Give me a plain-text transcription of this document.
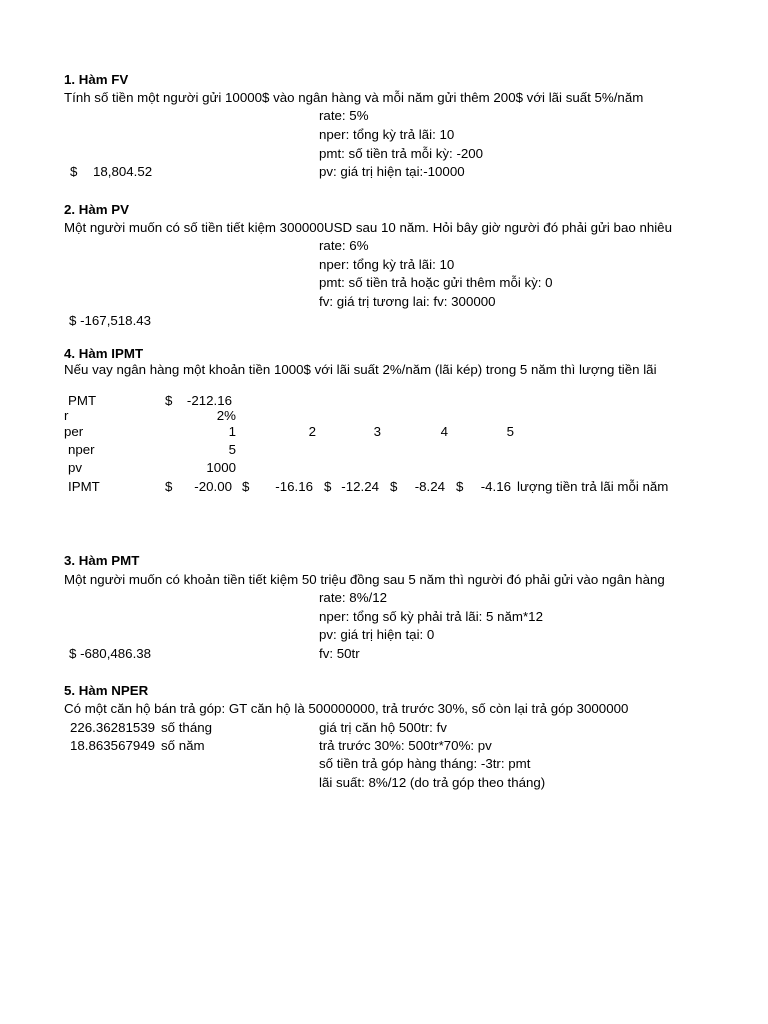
1. Hàm FV
Tính số tiền một người gửi 10000$ vào ngân hàng và mỗi năm gửi thêm 200$ với lãi suất 5%/năm
rate: 5%
nper: tổng kỳ trả lãi: 10
pmt: số tiền trả mỗi kỳ: -200
$ 18,804.52	pv: giá trị hiện tại:-10000
2. Hàm PV
Một người muốn có số tiền tiết kiệm 300000USD sau 10 năm. Hỏi bây giờ người đó phải gửi bao nhiêu
rate: 6%
nper: tổng kỳ trả lãi: 10
pmt: số tiền trả hoặc gửi thêm mỗi kỳ: 0
fv: giá trị tương lai: fv: 300000
$ -167,518.43
4. Hàm IPMT
Nếu vay ngân hàng một khoản tiền 1000$ với lãi suất 2%/năm (lãi kép) trong 5 năm thì lượng tiền lãi
PMT	$	-212.16
r	2%
per	1	2	3	4	5
nper	5
pv	1000
IPMT	$	-20.00 $	-16.16 $ -12.24 $	-8.24 $	-4.16 lượng tiền trả lãi mỗi năm
3. Hàm PMT
Một người muốn có khoản tiền tiết kiệm 50 triệu đồng sau 5 năm thì người đó phải gửi vào ngân hàng
rate: 8%/12
nper: tổng số kỳ phải trả lãi: 5 năm*12
pv: giá trị hiện tại: 0
$ -680,486.38	fv: 50tr
5. Hàm NPER
Có một căn hộ bán trả góp: GT căn hộ là 500000000, trả trước 30%, số còn lại trả góp 3000000
226.36281539 số tháng	giá trị căn hộ 500tr: fv
18.863567949 số năm	trả trước 30%: 500tr*70%: pv
số tiền trả góp hàng tháng: -3tr: pmt
lãi suất: 8%/12 (do trả góp theo tháng)
